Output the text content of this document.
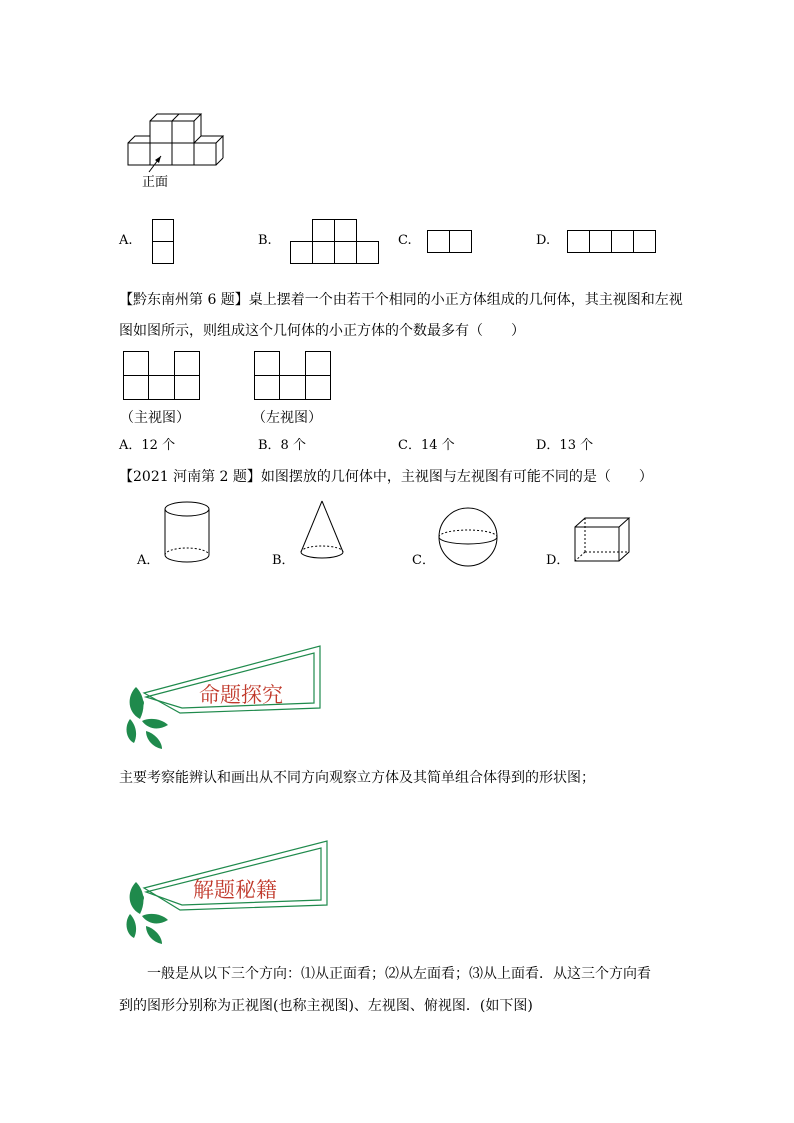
正面
A.	B.	C.	D.
【黔东南州第 6 题】桌上摆着一个由若干个相同的小正方体组成的几何体，其主视图和左视
图如图所示，则组成这个几何体的小正方体的个数最多有（　　）
（主视图）	（左视图）
A．12 个	B．8 个	C．14 个	D．13 个
【2021 河南第 2 题】如图摆放的几何体中，主视图与左视图有可能不同的是（　　）
A．	B．	C．	D．
命题探究
主要考察能辨认和画出从不同方向观察立方体及其简单组合体得到的形状图；
解题秘籍
一般是从以下三个方向：⑴从正面看；⑵从左面看；⑶从上面看．从这三个方向看
到的图形分别称为正视图(也称主视图)、左视图、俯视图．(如下图)
